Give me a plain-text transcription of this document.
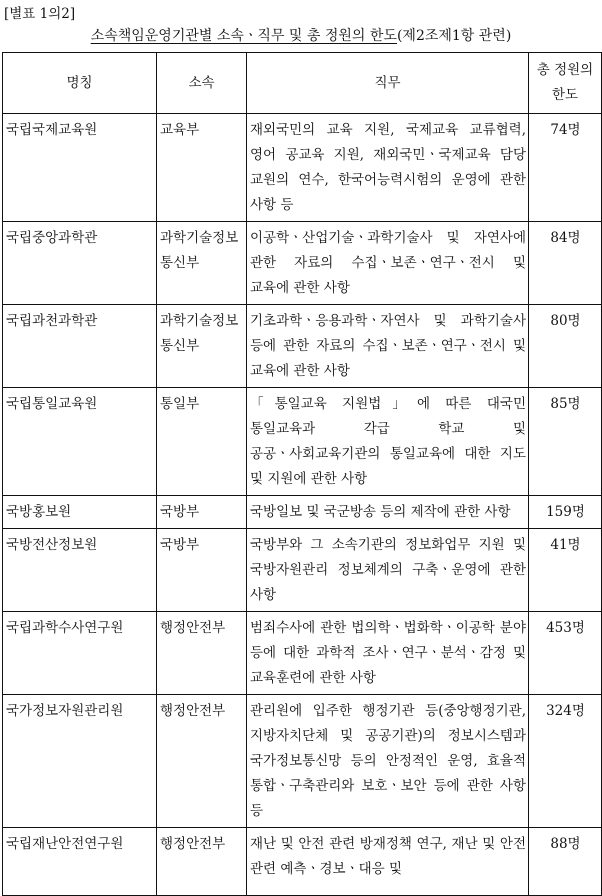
[별표 1의2]
소속책임운영기관별 소속ㆍ직무 및 총 정원의 한도(제2조제1항 관련)
명칭	소속	직무	총 정원의 한도
국립국제교육원	교육부	재외국민의 교육 지원, 국제교육 교류협력, 영어 공교육 지원, 재외국민ㆍ국제교육 담당 교원의 연수, 한국어능력시험의 운영에 관한 사항 등	74명
국립중앙과학관	과학기술정보통신부	이공학ㆍ산업기술ㆍ과학기술사 및 자연사에 관한 자료의 수집ㆍ보존ㆍ연구ㆍ전시 및 교육에 관한 사항	84명
국립과천과학관	과학기술정보통신부	기초과학ㆍ응용과학ㆍ자연사 및 과학기술사 등에 관한 자료의 수집ㆍ보존ㆍ연구ㆍ전시 및 교육에 관한 사항	80명
국립통일교육원	통일부	「통일교육 지원법」에 따른 대국민 통일교육과 각급 학교 및 공공ㆍ사회교육기관의 통일교육에 대한 지도 및 지원에 관한 사항	85명
국방홍보원	국방부	국방일보 및 국군방송 등의 제작에 관한 사항	159명
국방전산정보원	국방부	국방부와 그 소속기관의 정보화업무 지원 및 국방자원관리 정보체계의 구축ㆍ운영에 관한 사항	41명
국립과학수사연구원	행정안전부	범죄수사에 관한 법의학ㆍ법화학ㆍ이공학 분야 등에 대한 과학적 조사ㆍ연구ㆍ분석ㆍ감정 및 교육훈련에 관한 사항	453명
국가정보자원관리원	행정안전부	관리원에 입주한 행정기관 등(중앙행정기관, 지방자치단체 및 공공기관)의 정보시스템과 국가정보통신망 등의 안정적인 운영, 효율적 통합ㆍ구축관리와 보호ㆍ보안 등에 관한 사항 등	324명
국립재난안전연구원	행정안전부	재난 및 안전 관련 방재정책 연구, 재난 및 안전 관련 예측ㆍ경보ㆍ대응 및	88명
